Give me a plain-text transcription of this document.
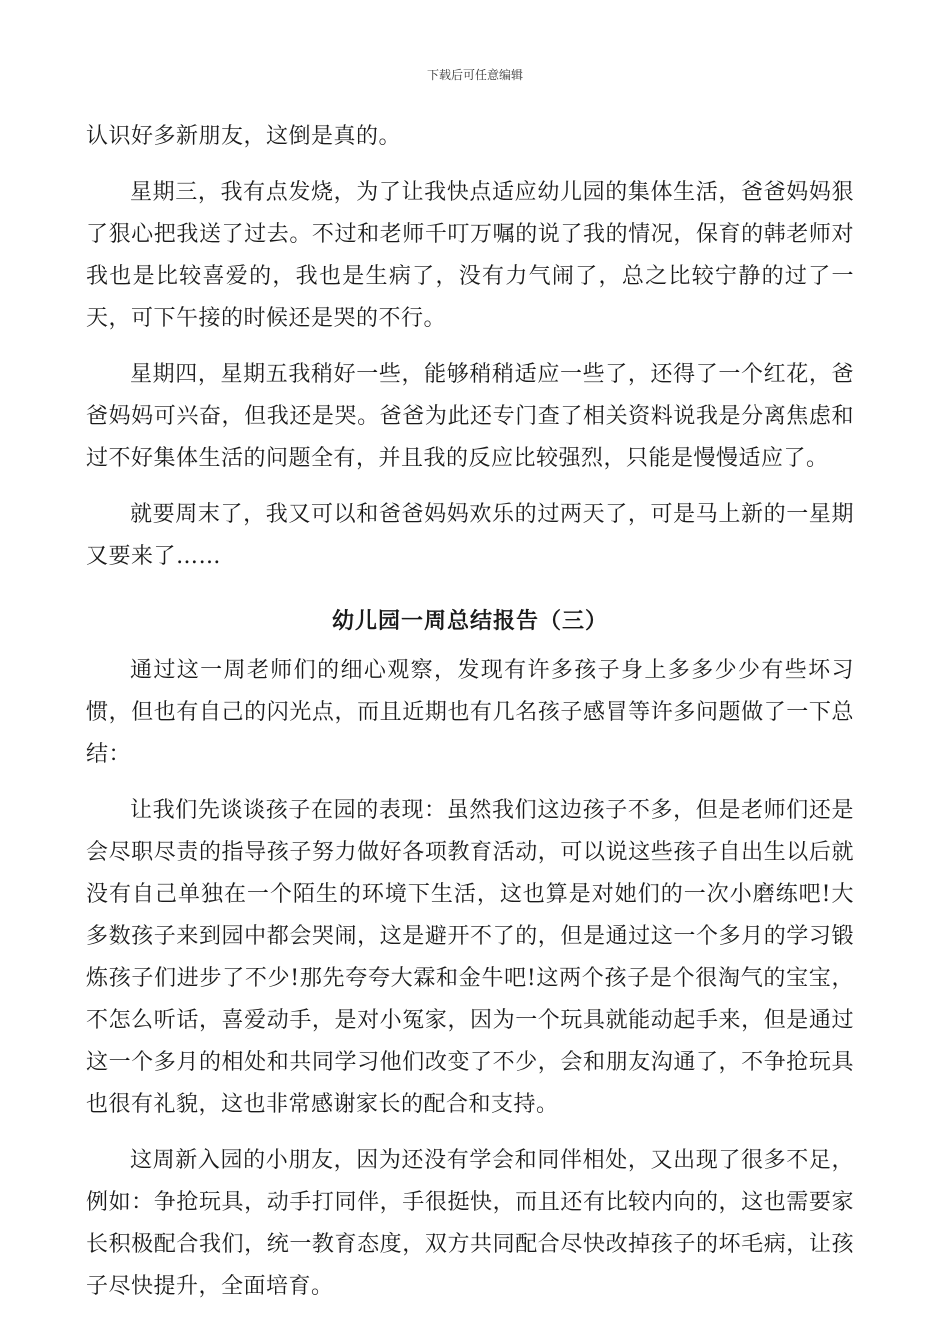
下载后可任意编辑

认识好多新朋友，这倒是真的。

星期三，我有点发烧，为了让我快点适应幼儿园的集体生活，爸爸妈妈狠了狠心把我送了过去。不过和老师千叮万嘱的说了我的情况，保育的韩老师对我也是比较喜爱的，我也是生病了，没有力气闹了，总之比较宁静的过了一天，可下午接的时候还是哭的不行。

星期四，星期五我稍好一些，能够稍稍适应一些了，还得了一个红花，爸爸妈妈可兴奋，但我还是哭。爸爸为此还专门查了相关资料说我是分离焦虑和过不好集体生活的问题全有，并且我的反应比较强烈，只能是慢慢适应了。

就要周末了，我又可以和爸爸妈妈欢乐的过两天了，可是马上新的一星期又要来了……

幼儿园一周总结报告（三）

通过这一周老师们的细心观察，发现有许多孩子身上多多少少有些坏习惯，但也有自己的闪光点，而且近期也有几名孩子感冒等许多问题做了一下总结：

让我们先谈谈孩子在园的表现：虽然我们这边孩子不多，但是老师们还是会尽职尽责的指导孩子努力做好各项教育活动，可以说这些孩子自出生以后就没有自己单独在一个陌生的环境下生活，这也算是对她们的一次小磨练吧!大多数孩子来到园中都会哭闹，这是避开不了的，但是通过这一个多月的学习锻炼孩子们进步了不少!那先夸夸大霖和金牛吧!这两个孩子是个很淘气的宝宝，不怎么听话，喜爱动手，是对小冤家，因为一个玩具就能动起手来，但是通过这一个多月的相处和共同学习他们改变了不少，会和朋友沟通了，不争抢玩具也很有礼貌，这也非常感谢家长的配合和支持。

这周新入园的小朋友，因为还没有学会和同伴相处，又出现了很多不足，例如：争抢玩具，动手打同伴，手很挺快，而且还有比较内向的，这也需要家长积极配合我们，统一教育态度，双方共同配合尽快改掉孩子的坏毛病，让孩子尽快提升，全面培育。
